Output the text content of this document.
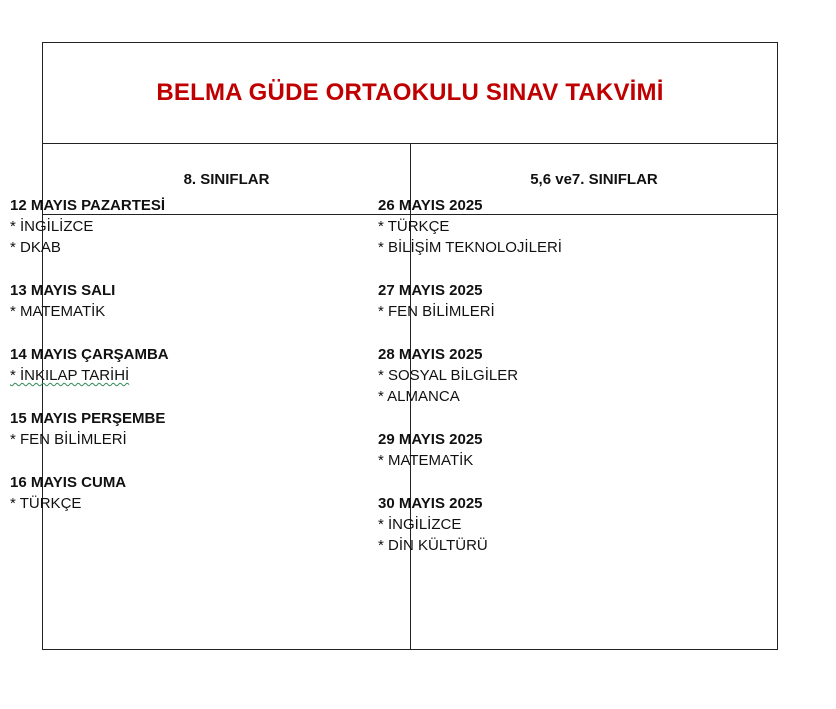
BELMA GÜDE ORTAOKULU SINAV TAKVİMİ
8. SINIFLAR	5,6 ve7. SINIFLAR
12 MAYIS PAZARTESİ
* İNGİLİZCE
* DKAB
13 MAYIS SALI
* MATEMATİK
14 MAYIS ÇARŞAMBA
* İNKILAP TARİHİ
15 MAYIS PERŞEMBE
* FEN BİLİMLERİ
16 MAYIS CUMA
* TÜRKÇE
26 MAYIS 2025
* TÜRKÇE
* BİLİŞİM TEKNOLOJİLERİ
27 MAYIS 2025
* FEN BİLİMLERİ
28 MAYIS 2025
* SOSYAL BİLGİLER
* ALMANCA
29 MAYIS 2025
* MATEMATİK
30 MAYIS 2025
* İNGİLİZCE
* DİN KÜLTÜRÜ
